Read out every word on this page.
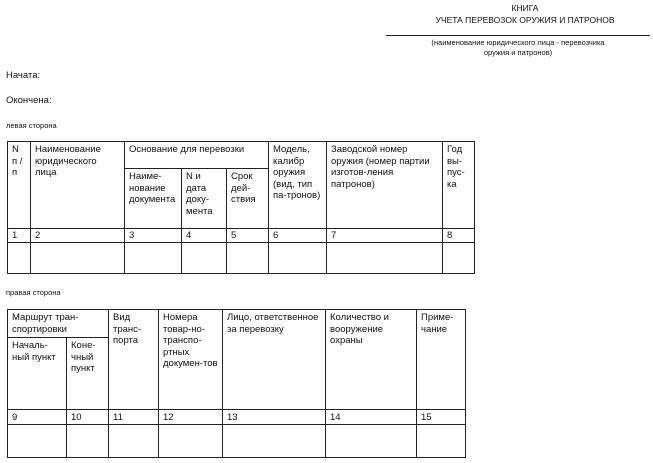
КНИГА
УЧЕТА ПЕРЕВОЗОК ОРУЖИЯ И ПАТРОНОВ
(наименование юридического лица - перевозчика
оружия и патронов)
Начата:
Окончена:
левая сторона
N п / п	Наименование юридического лица	Основание для перевозки			Модель, калибр оружия (вид, тип па-тронов)	Заводской номер оружия (номер партии изготов-ления патронов)	Год вы-пус-ка
		Наиме-нование документа	N и дата доку-мента	Срок дей-ствия			
1	2	3	4	5	6	7	8

правая сторона
Маршрут тран-спортировки		Вид транс-порта	Номера товар-но-транспо-ртных докумен-тов	Лицо, ответственное за перевозку	Количество и вооружение охраны	Приме-чание
Началь-ный пункт	Коне-чный пункт					
9	10	11	12	13	14	15
